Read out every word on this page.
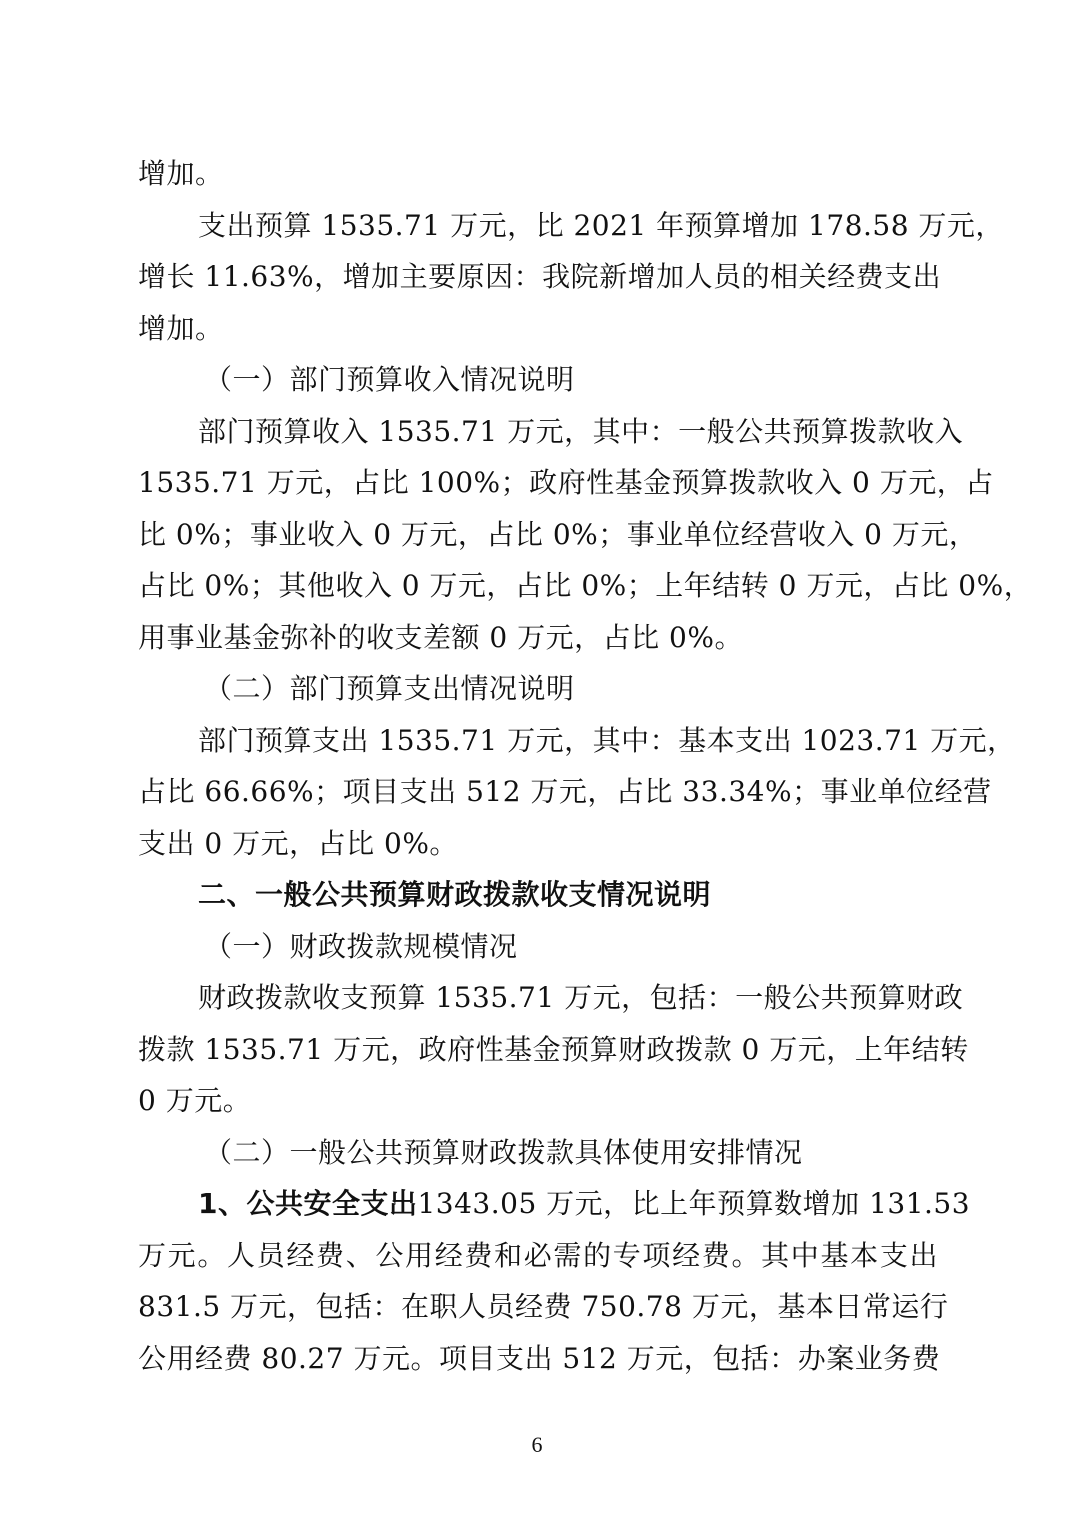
增加。
支出预算 1535.71 万元，比 2021 年预算增加 178.58 万元，
增长 11.63%，增加主要原因：我院新增加人员的相关经费支出
增加。
（一）部门预算收入情况说明
部门预算收入 1535.71 万元，其中：一般公共预算拨款收入
1535.71 万元，占比 100%；政府性基金预算拨款收入 0 万元，占
比 0%；事业收入 0 万元，占比 0%；事业单位经营收入 0 万元，
占比 0%；其他收入 0 万元，占比 0%；上年结转 0 万元，占比 0%，
用事业基金弥补的收支差额 0 万元，占比 0%。
（二）部门预算支出情况说明
部门预算支出 1535.71 万元，其中：基本支出 1023.71 万元，
占比 66.66%；项目支出 512 万元，占比 33.34%；事业单位经营
支出 0 万元，占比 0%。
二、一般公共预算财政拨款收支情况说明
（一）财政拨款规模情况
财政拨款收支预算 1535.71 万元，包括：一般公共预算财政
拨款 1535.71 万元，政府性基金预算财政拨款 0 万元，上年结转
0 万元。
（二）一般公共预算财政拨款具体使用安排情况
1、公共安全支出1343.05 万元，比上年预算数增加 131.53
万元。人员经费、公用经费和必需的专项经费。其中基本支出
831.5 万元，包括：在职人员经费 750.78 万元，基本日常运行
公用经费 80.27 万元。项目支出 512 万元，包括：办案业务费
6
